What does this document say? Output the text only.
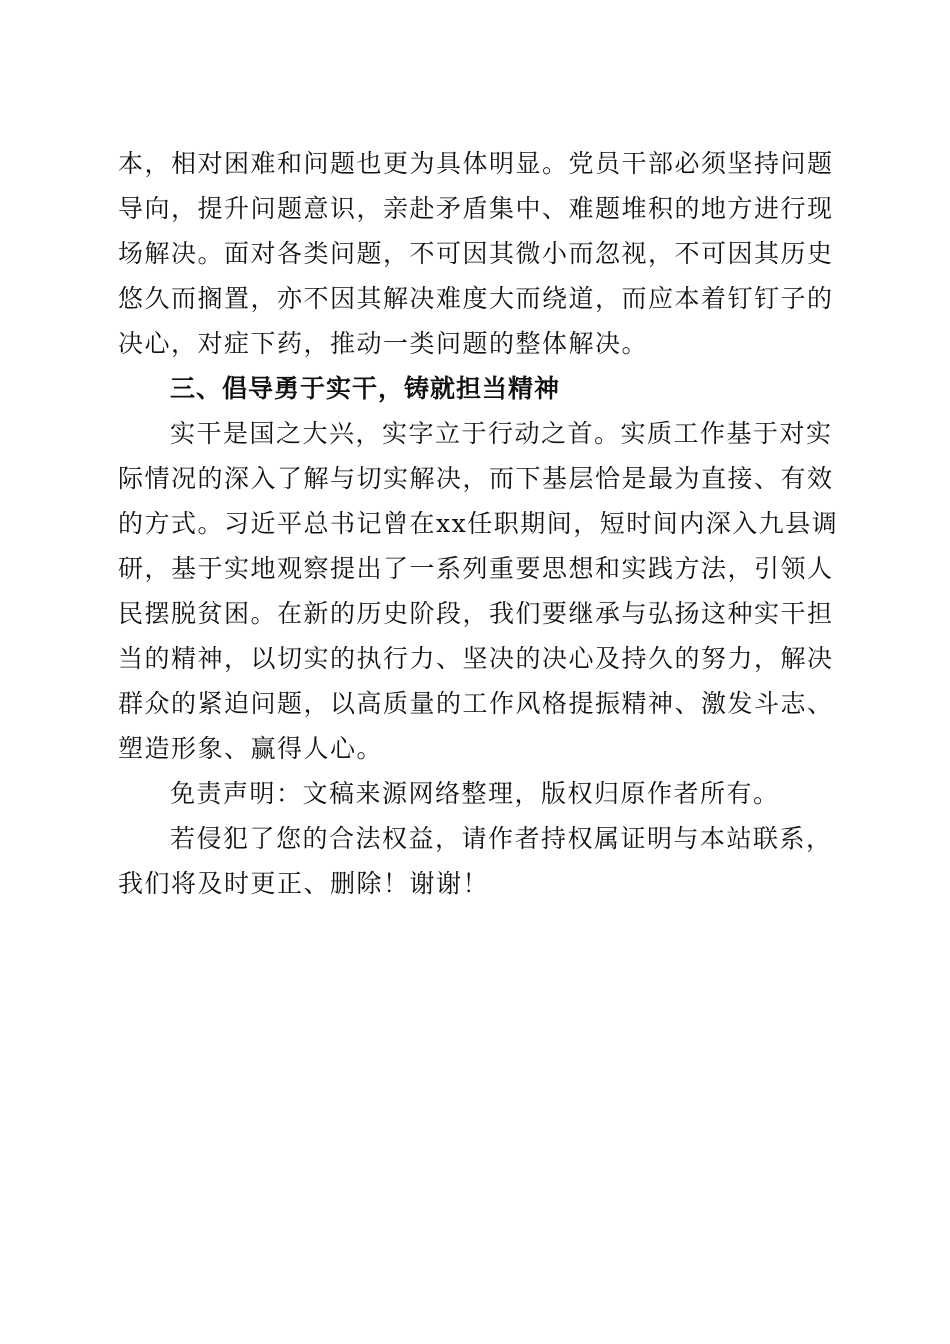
本，相对困难和问题也更为具体明显。党员干部必须坚持问题
导向，提升问题意识，亲赴矛盾集中、难题堆积的地方进行现
场解决。面对各类问题，不可因其微小而忽视，不可因其历史
悠久而搁置，亦不因其解决难度大而绕道，而应本着钉钉子的
决心，对症下药，推动一类问题的整体解决。
三、倡导勇于实干，铸就担当精神
实干是国之大兴，实字立于行动之首。实质工作基于对实
际情况的深入了解与切实解决，而下基层恰是最为直接、有效
的方式。习近平总书记曾在xx任职期间，短时间内深入九县调
研，基于实地观察提出了一系列重要思想和实践方法，引领人
民摆脱贫困。在新的历史阶段，我们要继承与弘扬这种实干担
当的精神，以切实的执行力、坚决的决心及持久的努力，解决
群众的紧迫问题，以高质量的工作风格提振精神、激发斗志、
塑造形象、赢得人心。
免责声明：文稿来源网络整理，版权归原作者所有。
若侵犯了您的合法权益，请作者持权属证明与本站联系，
我们将及时更正、删除！谢谢！
